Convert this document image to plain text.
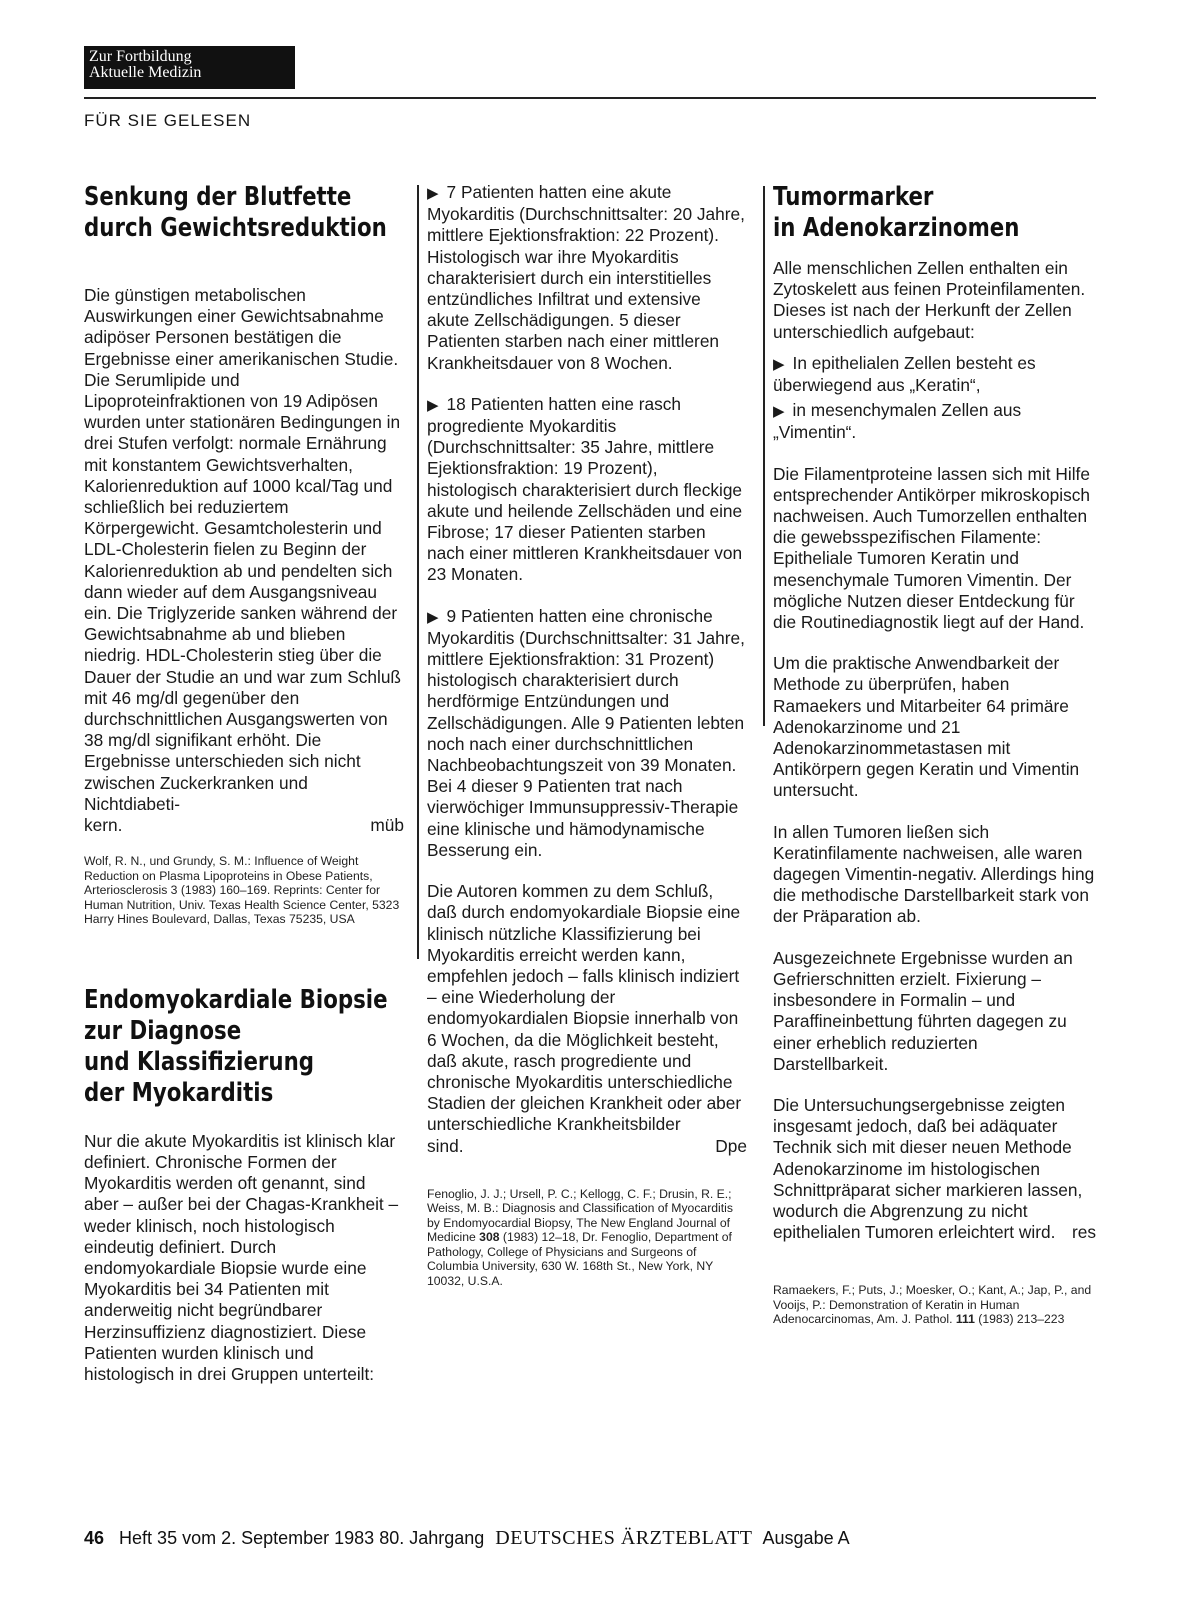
Zur Fortbildung
Aktuelle Medizin
FÜR SIE GELESEN
Senkung der Blutfette
durch Gewichtsreduktion

Die günstigen metabolischen Auswirkungen einer Gewichtsabnahme adipöser Personen bestätigen die Ergebnisse einer amerikanischen Studie. Die Serumlipide und Lipoproteinfraktionen von 19 Adipösen wurden unter stationären Bedingungen in drei Stufen verfolgt: normale Ernährung mit konstantem Gewichtsverhalten, Kalorienreduktion auf 1000 kcal/Tag und schließlich bei reduziertem Körpergewicht. Gesamtcholesterin und LDL-Cholesterin fielen zu Beginn der Kalorienreduktion ab und pendelten sich dann wieder auf dem Ausgangsniveau ein. Die Triglyzeride sanken während der Gewichtsabnahme ab und blieben niedrig. HDL-Cholesterin stieg über die Dauer der Studie an und war zum Schluß mit 46 mg/dl gegenüber den durchschnittlichen Ausgangswerten von 38 mg/dl signifikant erhöht. Die Ergebnisse unterschieden sich nicht zwischen Zuckerkranken und Nichtdiabeti-

kern.	müb
Wolf, R. N., und Grundy, S. M.: Influence of Weight Reduction on Plasma Lipoproteins in Obese Patients, Arteriosclerosis 3 (1983) 160–169. Reprints: Center for Human Nutrition, Univ. Texas Health Science Center, 5323 Harry Hines Boulevard, Dallas, Texas 75235, USA
Endomyokardiale Biopsie
zur Diagnose
und Klassifizierung
der Myokarditis
Nur die akute Myokarditis ist klinisch klar definiert. Chronische Formen der Myokarditis werden oft genannt, sind aber – außer bei der Chagas-Krankheit – weder klinisch, noch histologisch eindeutig definiert. Durch endomyokardiale Biopsie wurde eine Myokarditis bei 34 Patienten mit anderweitig nicht begründbarer Herzinsuffizienz diagnostiziert. Diese Patienten wurden klinisch und histologisch in drei Gruppen unterteilt:

▶ 7 Patienten hatten eine akute Myokarditis (Durchschnittsalter: 20 Jahre, mittlere Ejektionsfraktion: 22 Prozent). Histologisch war ihre Myokarditis charakterisiert durch ein interstitielles entzündliches Infiltrat und extensive akute Zellschädigungen. 5 dieser Patienten starben nach einer mittleren Krankheitsdauer von 8 Wochen.

▶ 18 Patienten hatten eine rasch progrediente Myokarditis (Durchschnittsalter: 35 Jahre, mittlere Ejektionsfraktion: 19 Prozent), histologisch charakterisiert durch fleckige akute und heilende Zellschäden und eine Fibrose; 17 dieser Patienten starben nach einer mittleren Krankheitsdauer von 23 Monaten.

▶ 9 Patienten hatten eine chronische Myokarditis (Durchschnittsalter: 31 Jahre, mittlere Ejektionsfraktion: 31 Prozent) histologisch charakterisiert durch herdförmige Entzündungen und Zellschädigungen. Alle 9 Patienten lebten noch nach einer durchschnittlichen Nachbeobachtungszeit von 39 Monaten. Bei 4 dieser 9 Patienten trat nach vierwöchiger Immunsuppressiv-Therapie eine klinische und hämodynamische Besserung ein.

Die Autoren kommen zu dem Schluß, daß durch endomyokardiale Biopsie eine klinisch nützliche Klassifizierung bei Myokarditis erreicht werden kann, empfehlen jedoch – falls klinisch indiziert – eine Wiederholung der endomyokardialen Biopsie innerhalb von 6 Wochen, da die Möglichkeit besteht, daß akute, rasch progrediente und chronische Myokarditis unterschiedliche Stadien der gleichen Krankheit oder aber unterschiedliche Krankheitsbilder

sind.	Dpe
Fenoglio, J. J.; Ursell, P. C.; Kellogg, C. F.; Drusin, R. E.; Weiss, M. B.: Diagnosis and Classification of Myocarditis by Endomyocardial Biopsy, The New England Journal of Medicine 308 (1983) 12–18, Dr. Fenoglio, Department of Pathology, College of Physicians and Surgeons of Columbia University, 630 W. 168th St., New York, NY 10032, U.S.A.
Tumormarker
in Adenokarzinomen

Alle menschlichen Zellen enthalten ein Zytoskelett aus feinen Proteinfilamenten. Dieses ist nach der Herkunft der Zellen unterschiedlich aufgebaut:

▶ In epithelialen Zellen besteht es überwiegend aus „Keratin“,

▶ in mesenchymalen Zellen aus „Vimentin“.

Die Filamentproteine lassen sich mit Hilfe entsprechender Antikörper mikroskopisch nachweisen. Auch Tumorzellen enthalten die gewebsspezifischen Filamente: Epitheliale Tumoren Keratin und mesenchymale Tumoren Vimentin. Der mögliche Nutzen dieser Entdeckung für die Routinediagnostik liegt auf der Hand.

Um die praktische Anwendbarkeit der Methode zu überprüfen, haben Ramaekers und Mitarbeiter 64 primäre Adenokarzinome und 21 Adenokarzinommetastasen mit Antikörpern gegen Keratin und Vimentin untersucht.

In allen Tumoren ließen sich Keratinfilamente nachweisen, alle waren dagegen Vimentin-negativ. Allerdings hing die methodische Darstellbarkeit stark von der Präparation ab.

Ausgezeichnete Ergebnisse wurden an Gefrierschnitten erzielt. Fixierung – insbesondere in Formalin – und Paraffineinbettung führten dagegen zu einer erheblich reduzierten Darstellbarkeit.

Die Untersuchungsergebnisse zeigten insgesamt jedoch, daß bei adäquater Technik sich mit dieser neuen Methode Adenokarzinome im histologischen Schnittpräparat sicher markieren lassen, wodurch die Abgrenzung zu nicht epithelialen Tumoren erleichtert wird. res

Ramaekers, F.; Puts, J.; Moesker, O.; Kant, A.; Jap, P., and Vooijs, P.: Demonstration of Keratin in Human Adenocarcinomas, Am. J. Pathol. 111 (1983) 213–223
46 Heft 35 vom 2. September 1983 80. Jahrgang DEUTSCHES ÄRZTEBLATT Ausgabe A
